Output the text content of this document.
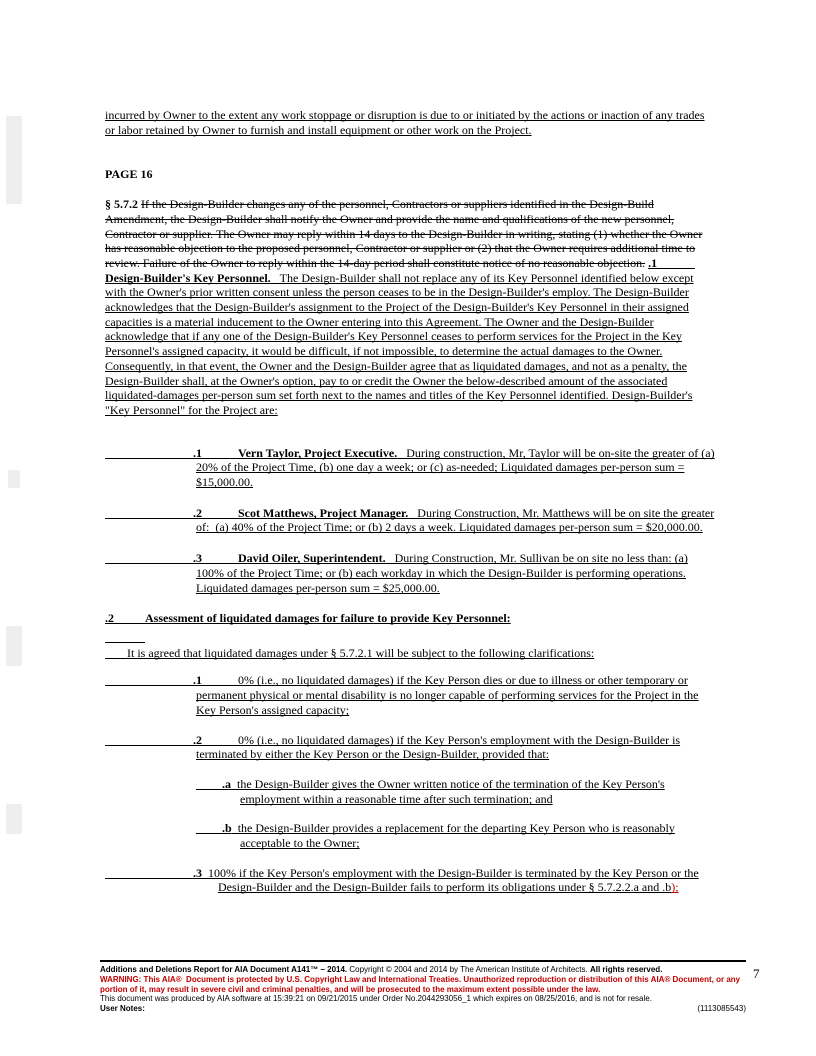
incurred by Owner to the extent any work stoppage or disruption is due to or initiated by the actions or inaction of any trades or labor retained by Owner to furnish and install equipment or other work on the Project.
PAGE 16
§ 5.7.2 If the Design-Builder changes any of the personnel, Contractors or suppliers identified in the Design-Build Amendment, the Design-Builder shall notify the Owner and provide the name and qualifications of the new personnel, Contractor or supplier. The Owner may reply within 14 days to the Design-Builder in writing, stating (1) whether the Owner has reasonable objection to the proposed personnel, Contractor or supplier or (2) that the Owner requires additional time to review. Failure of the Owner to reply within the 14-day period shall constitute notice of no reasonable objection. .1Design-Builder's Key Personnel.   The Design-Builder shall not replace any of its Key Personnel identified below except with the Owner's prior written consent unless the person ceases to be in the Design-Builder's employ. The Design-Builder acknowledges that the Design-Builder's assignment to the Project of the Design-Builder's Key Personnel in their assigned capacities is a material inducement to the Owner entering into this Agreement. The Owner and the Design-Builder acknowledge that if any one of the Design-Builder's Key Personnel ceases to perform services for the Project in the Key Personnel's assigned capacity, it would be difficult, if not impossible, to determine the actual damages to the Owner. Consequently, in that event, the Owner and the Design-Builder agree that as liquidated damages, and not as a penalty, the Design-Builder shall, at the Owner's option, pay to or credit the Owner the below-described amount of the associated liquidated-damages per-person sum set forth next to the names and titles of the Key Personnel identified. Design-Builder's "Key Personnel" for the Project are:
.1	Vern Taylor, Project Executive.   During construction, Mr, Taylor will be on-site the greater of (a) 20% of the Project Time, (b) one day a week; or (c) as-needed; Liquidated damages per-person sum = $15,000.00.
.2	Scot Matthews, Project Manager.   During Construction, Mr. Matthews will be on site the greater of:  (a) 40% of the Project Time; or (b) 2 days a week. Liquidated damages per-person sum = $20,000.00.
.3	David Oiler, Superintendent.   During Construction, Mr. Sullivan be on site no less than: (a) 100% of the Project Time; or (b) each workday in which the Design-Builder is performing operations. Liquidated damages per-person sum = $25,000.00.
.2	Assessment of liquidated damages for failure to provide Key Personnel:
It is agreed that liquidated damages under § 5.7.2.1 will be subject to the following clarifications:
.1	0% (i.e., no liquidated damages) if the Key Person dies or due to illness or other temporary or permanent physical or mental disability is no longer capable of performing services for the Project in the Key Person's assigned capacity;
.2	0% (i.e., no liquidated damages) if the Key Person's employment with the Design-Builder is terminated by either the Key Person or the Design-Builder, provided that:
.a the Design-Builder gives the Owner written notice of the termination of the Key Person's employment within a reasonable time after such termination; and
.b the Design-Builder provides a replacement for the departing Key Person who is reasonably acceptable to the Owner;
.3  100% if the Key Person's employment with the Design-Builder is terminated by the Key Person or the Design-Builder and the Design-Builder fails to perform its obligations under § 5.7.2.2.a and .b);
Additions and Deletions Report for AIA Document A141™ – 2014. Copyright © 2004 and 2014 by The American Institute of Architects. All rights reserved.
WARNING: This AIA®  Document is protected by U.S. Copyright Law and International Treaties. Unauthorized reproduction or distribution of this AIA® Document, or any portion of it, may result in severe civil and criminal penalties, and will be prosecuted to the maximum extent possible under the law.
This document was produced by AIA software at 15:39:21 on 09/21/2015 under Order No.2044293056_1 which expires on 08/25/2016, and is not for resale.
User Notes:	(1113085543)
7
